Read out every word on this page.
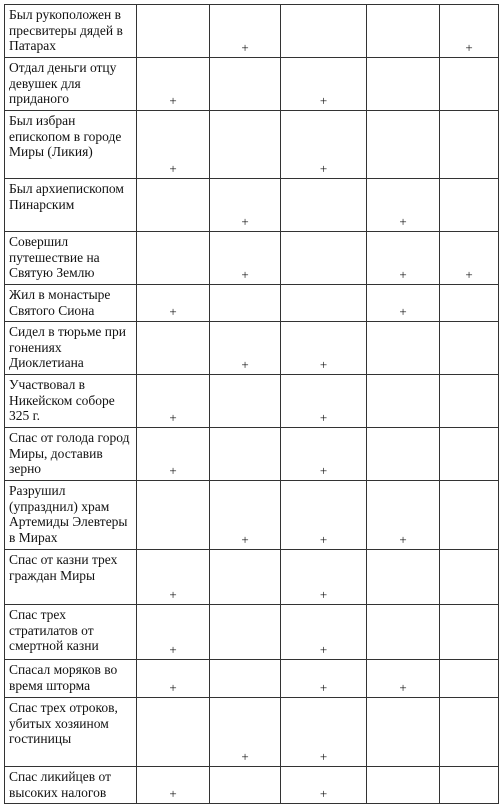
Был рукоположен в пресвитеры дядей в Патарах		+			+

Отдал деньги отцу девушек для приданого	+		+		

Был избран епископом в городе Миры (Ликия)	+		+		

Был архиепископом Пинарским		+		+	

Совершил путешествие на Святую Землю		+		+	+

Жил в монастыре Святого Сиона	+			+	

Сидел в тюрьме при гонениях Диоклетиана		+	+		

Участвовал в Никейском соборе 325 г.	+		+		

Спас от голода город Миры, доставив зерно	+		+		

Разрушил (упразднил) храм Артемиды Элевтеры в Мирах		+	+	+	

Спас от казни трех граждан Миры	+		+		

Спас трех стратилатов от смертной казни	+		+		

Спасал моряков во время шторма	+		+	+	

Спас трех отроков, убитых хозяином гостиницы		+	+		

Спас ликийцев от высоких налогов	+		+		
